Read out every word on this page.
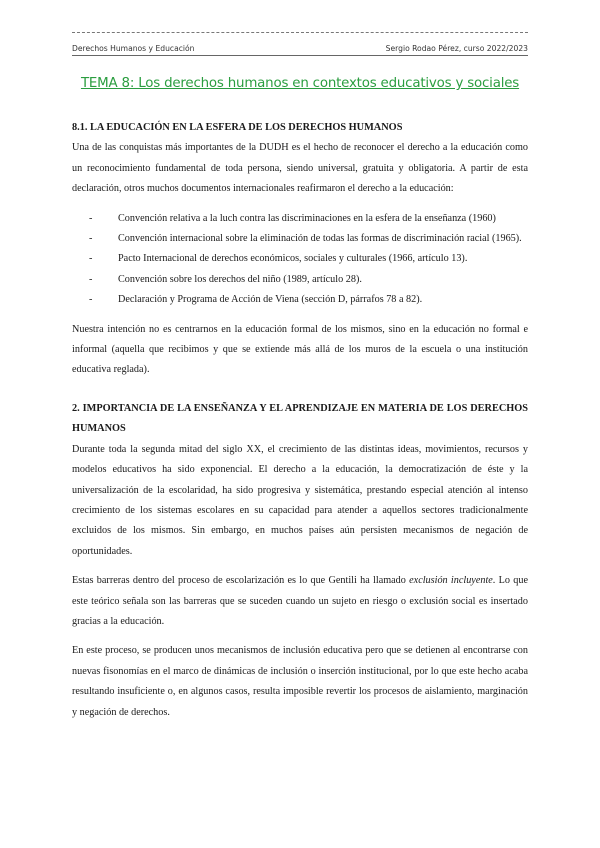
Derechos Humanos y Educación	Sergio Rodao Pérez, curso 2022/2023
TEMA 8: Los derechos humanos en contextos educativos y sociales
8.1. LA EDUCACIÓN EN LA ESFERA DE LOS DERECHOS HUMANOS

Una de las conquistas más importantes de la DUDH es el hecho de reconocer el derecho a la educación como un reconocimiento fundamental de toda persona, siendo universal, gratuita y obligatoria. A partir de esta declaración, otros muchos documentos internacionales reafirmaron el derecho a la educación:

-	Convención relativa a la luch contra las discriminaciones en la esfera de la enseñanza (1960)
-	Convención internacional sobre la eliminación de todas las formas de discriminación racial (1965).
-	Pacto Internacional de derechos económicos, sociales y culturales (1966, artículo 13).
-	Convención sobre los derechos del niño (1989, artículo 28).
-	Declaración y Programa de Acción de Viena (sección D, párrafos 78 a 82).

Nuestra intención no es centrarnos en la educación formal de los mismos, sino en la educación no formal e informal (aquella que recibimos y que se extiende más allá de los muros de la escuela o una institución educativa reglada).

2. IMPORTANCIA DE LA ENSEÑANZA Y EL APRENDIZAJE EN MATERIA DE LOS DERECHOS HUMANOS

Durante toda la segunda mitad del siglo XX, el crecimiento de las distintas ideas, movimientos, recursos y modelos educativos ha sido exponencial. El derecho a la educación, la democratización de éste y la universalización de la escolaridad, ha sido progresiva y sistemática, prestando especial atención al intenso crecimiento de los sistemas escolares en su capacidad para atender a aquellos sectores tradicionalmente excluidos de los mismos. Sin embargo, en muchos países aún persisten mecanismos de negación de oportunidades.

Estas barreras dentro del proceso de escolarización es lo que Gentili ha llamado exclusión incluyente. Lo que este teórico señala son las barreras que se suceden cuando un sujeto en riesgo o exclusión social es insertado gracias a la educación.

En este proceso, se producen unos mecanismos de inclusión educativa pero que se detienen al encontrarse con nuevas fisonomías en el marco de dinámicas de inclusión o inserción institucional, por lo que este hecho acaba resultando insuficiente o, en algunos casos, resulta imposible revertir los procesos de aislamiento, marginación y negación de derechos.
